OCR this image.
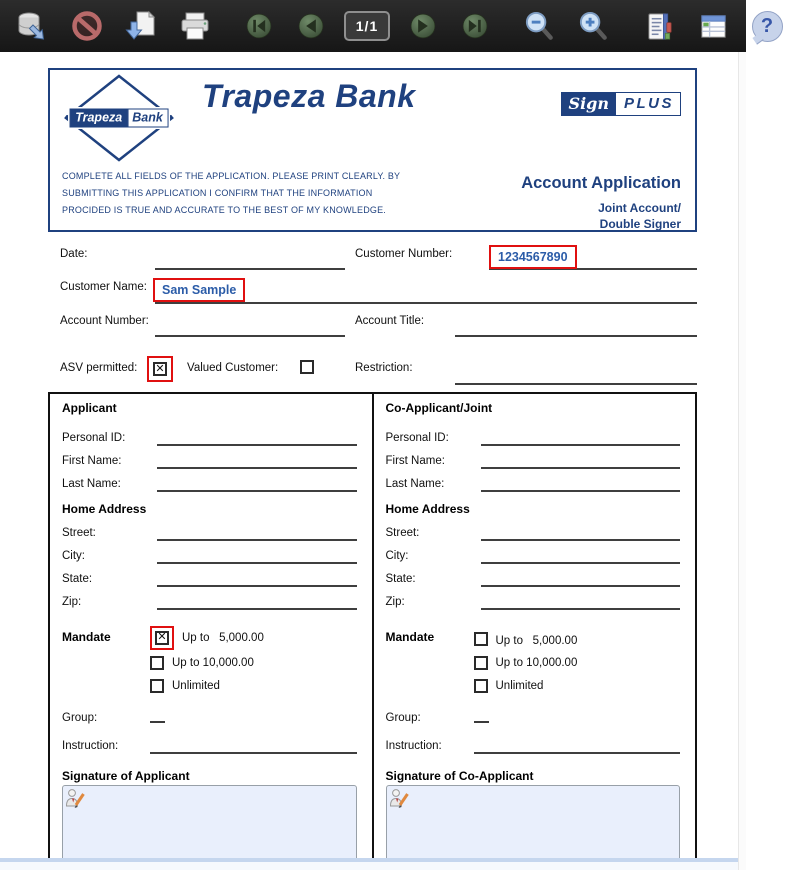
1/1	?
‹ Trapeza Bank ›
Trapeza Bank	Sign	PLUS
COMPLETE ALL FIELDS OF THE APPLICATION. PLEASE PRINT CLEARLY. BY
SUBMITTING THIS APPLICATION I CONFIRM THAT THE INFORMATION
PROCIDED IS TRUE AND ACCURATE TO THE BEST OF MY KNOWLEDGE.
Account Application
Joint Account/
Double Signer
Date:	Customer Number:	1234567890
Customer Name:	Sam Sample
Account Number:	Account Title:
ASV permitted: ✕ Valued Customer:	Restriction:
Applicant
Personal ID:
First Name:
Last Name:
Home Address
Street:
City:
State:
Zip:
Mandate	✕ Up to   5,000.00
Up to 10,000.00
Unlimited
Group:
Instruction:
Signature of Applicant
Co-Applicant/Joint
Personal ID:
First Name:
Last Name:
Home Address
Street:
City:
State:
Zip:
Mandate	Up to   5,000.00
Up to 10,000.00
Unlimited
Group:
Instruction:
Signature of Co-Applicant
